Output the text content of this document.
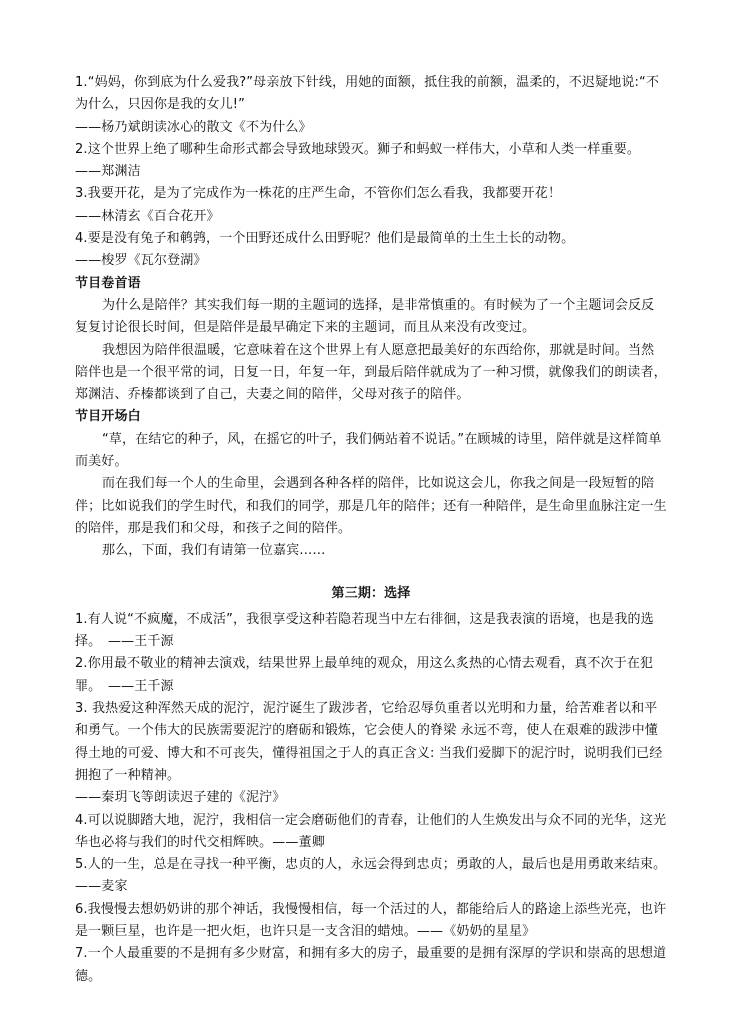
1.“妈妈，你到底为什么爱我?”母亲放下针线，用她的面额，抵住我的前额，温柔的，不迟疑地说:“不为什么，只因你是我的女儿!”

——杨乃斌朗读冰心的散文《不为什么》

2.这个世界上绝了哪种生命形式都会导致地球毁灭。狮子和蚂蚁一样伟大，小草和人类一样重要。

——郑渊洁

3.我要开花，是为了完成作为一株花的庄严生命，不管你们怎么看我，我都要开花！

——林清玄《百合花开》

4.要是没有兔子和鹌鹑，一个田野还成什么田野呢？他们是最简单的土生土长的动物。

——梭罗《瓦尔登湖》

节目卷首语

为什么是陪伴？其实我们每一期的主题词的选择，是非常慎重的。有时候为了一个主题词会反反复复讨论很长时间，但是陪伴是最早确定下来的主题词，而且从来没有改变过。

我想因为陪伴很温暖，它意味着在这个世界上有人愿意把最美好的东西给你，那就是时间。当然陪伴也是一个很平常的词，日复一日，年复一年，到最后陪伴就成为了一种习惯，就像我们的朗读者，郑渊洁、乔榛都谈到了自己，夫妻之间的陪伴，父母对孩子的陪伴。

节目开场白

“草，在结它的种子，风，在摇它的叶子，我们俩站着不说话。”在顾城的诗里，陪伴就是这样简单而美好。

而在我们每一个人的生命里，会遇到各种各样的陪伴，比如说这会儿，你我之间是一段短暂的陪伴；比如说我们的学生时代，和我们的同学，那是几年的陪伴；还有一种陪伴，是生命里血脉注定一生的陪伴，那是我们和父母，和孩子之间的陪伴。

那么，下面，我们有请第一位嘉宾……

第三期：选择

1.有人说“不疯魔，不成活”，我很享受这种若隐若现当中左右徘徊，这是我表演的语境，也是我的选择。　——王千源

2.你用最不敬业的精神去演戏，结果世界上最单纯的观众，用这么炙热的心情去观看，真不次于在犯罪。　——王千源

3. 我热爱这种浑然天成的泥泞，泥泞诞生了跋涉者，它给忍辱负重者以光明和力量，给苦难者以和平和勇气。一个伟大的民族需要泥泞的磨砺和锻炼，它会使人的脊梁 永远不弯，使人在艰难的跋涉中懂得土地的可爱、博大和不可丧失，懂得祖国之于人的真正含义: 当我们爱脚下的泥泞时，说明我们已经拥抱了一种精神。

——秦玥飞等朗读迟子建的《泥泞》

4.可以说脚踏大地，泥泞，我相信一定会磨砺他们的青春，让他们的人生焕发出与众不同的光华，这光华也必将与我们的时代交相辉映。——董卿

5.人的一生，总是在寻找一种平衡，忠贞的人，永远会得到忠贞；勇敢的人，最后也是用勇敢来结束。　——麦家

6.我慢慢去想奶奶讲的那个神话，我慢慢相信，每一个活过的人，都能给后人的路途上添些光亮，也许是一颗巨星，也许是一把火炬，也许只是一支含泪的蜡烛。——《奶奶的星星》

7.一个人最重要的不是拥有多少财富，和拥有多大的房子，最重要的是拥有深厚的学识和崇高的思想道德。
